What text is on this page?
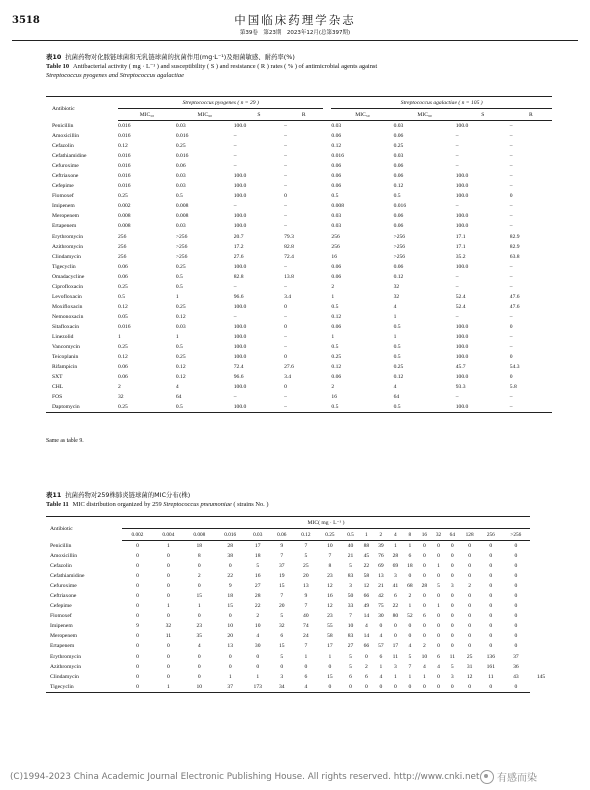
3518	中国临床药理学杂志
第39卷　第23期　2023年12月(总第397期)
表10 抗菌药物对化脓链球菌和无乳链球菌的抗菌作用(mg·L⁻¹)及细菌敏感、耐药率(%)
Table 10 Antibacterial activity ( mg · L⁻¹ ) and susceptibility ( S ) and resistance ( R ) rates ( % ) of antimicrobial agents against
Streptococcus pyogenes and Streptococcus agalactiae
Antibiotic	Streptococcus pyogenes ( n = 29 )					Streptococcus agalactiae ( n = 105 )			
	MIC₅₀	MIC₉₀	S	R		MIC₅₀	MIC₉₀	S	R
Penicillin	0.016	0.03	100.0	–		0.03	0.03	100.0	–
Amoxicillin	0.016	0.016	–	–		0.06	0.06	–	–
Cefazolin	0.12	0.25	–	–		0.12	0.25	–	–
Cefathiamidine	0.016	0.016	–	–		0.016	0.03	–	–
Cefuroxime	0.016	0.06	–	–		0.06	0.06	–	–
Ceftriaxone	0.016	0.03	100.0	–		0.06	0.06	100.0	–
Cefepime	0.016	0.03	100.0	–		0.06	0.12	100.0	–
Flomoxef	0.25	0.5	100.0	0		0.5	0.5	100.0	0
Imipenem	0.002	0.008	–	–		0.008	0.016	–	–
Meropenem	0.008	0.008	100.0	–		0.03	0.06	100.0	–
Ertapenem	0.008	0.03	100.0	–		0.03	0.06	100.0	–
Erythromycin	256	>256	20.7	79.3		256	>256	17.1	82.9
Azithromycin	256	>256	17.2	82.8		256	>256	17.1	82.9
Clindamycin	256	>256	27.6	72.4		16	>256	35.2	63.8
Tigecyclin	0.06	0.25	100.0	–		0.06	0.06	100.0	–
Omadacycline	0.06	0.5	82.8	13.8		0.06	0.12	–	–
Ciprofloxacin	0.25	0.5	–	–		2	32	–	–
Levofloxacin	0.5	1	96.6	3.4		1	32	52.4	47.6
Moxifloxacin	0.12	0.25	100.0	0		0.5	4	52.4	47.6
Nemonoxacin	0.05	0.12	–	–		0.12	1	–	–
Sitafloxacin	0.016	0.03	100.0	0		0.06	0.5	100.0	0
Linezolid	1	1	100.0	–		1	1	100.0	–
Vancomycin	0.25	0.5	100.0	–		0.5	0.5	100.0	–
Teicoplanin	0.12	0.25	100.0	0		0.25	0.5	100.0	0
Rifampicin	0.06	0.12	72.4	27.6		0.12	0.25	45.7	54.3
SXT	0.06	0.12	96.6	3.4		0.06	0.12	100.0	0
CHL	2	4	100.0	0		2	4	93.3	5.8
FOS	32	64	–	–		16	64	–	–
Daptomycin	0.25	0.5	100.0	–		0.5	0.5	100.0	–
Same as table 9.
表11 抗菌药物对259株肺炎链球菌的MIC分布(株)
Table 11 MIC distribution organized by 259 Streptococcus pneumoniae ( strains No. )
Antibiotic	MIC( mg · L⁻¹ )																			
	0.002	0.004	0.008	0.016	0.03	0.06	0.12	0.25	0.5	1	2	4	8	16	32	64	128	256	>256	
Penicillin	0	1	18	28	17	9	7	10	40	88	39	1	1	0	0	0	0	0	0	
Amoxicillin	0	0	8	38	18	7	5	7	21	45	76	28	6	0	0	0	0	0	0	
Cefazolin	0	0	0	0	5	37	25	8	5	22	69	69	18	0	1	0	0	0	0	
Cefathiamidine	0	0	2	22	16	19	20	23	83	58	13	3	0	0	0	0	0	0	0	
Cefuroxime	0	0	0	9	27	15	13	12	3	12	21	41	68	28	5	3	2	0	0	
Ceftriaxone	0	0	15	18	28	7	9	16	50	66	42	6	2	0	0	0	0	0	0	
Cefepime	0	1	1	15	22	20	7	12	33	49	75	22	1	0	1	0	0	0	0	
Flomoxef	0	0	0	0	2	5	40	23	7	14	30	80	52	6	0	0	0	0	0	
Imipenem	9	32	23	10	10	32	74	55	10	4	0	0	0	0	0	0	0	0	0	
Meropenem	0	11	35	20	4	6	24	58	83	14	4	0	0	0	0	0	0	0	0	
Ertapenem	0	0	4	13	30	15	7	17	27	66	57	17	4	2	0	0	0	0	0	
Erythromycin	0	0	0	0	0	5	1	1	5	0	6	11	5	10	6	11	25	136	37	
Azithromycin	0	0	0	0	0	0	0	0	5	2	1	3	7	4	4	5	31	161	36	
Clindamycin	0	0	0	1	1	3	6	15	6	6	4	1	1	1	0	3	12	11	43	145
Tigecyclin	0	1	10	37	173	34	4	0	0	0	0	0	0	0	0	0	0	0	0	
(C)1994-2023 China Academic Journal Electronic Publishing House. All rights reserved. http://www.cnki.net 有感而染
